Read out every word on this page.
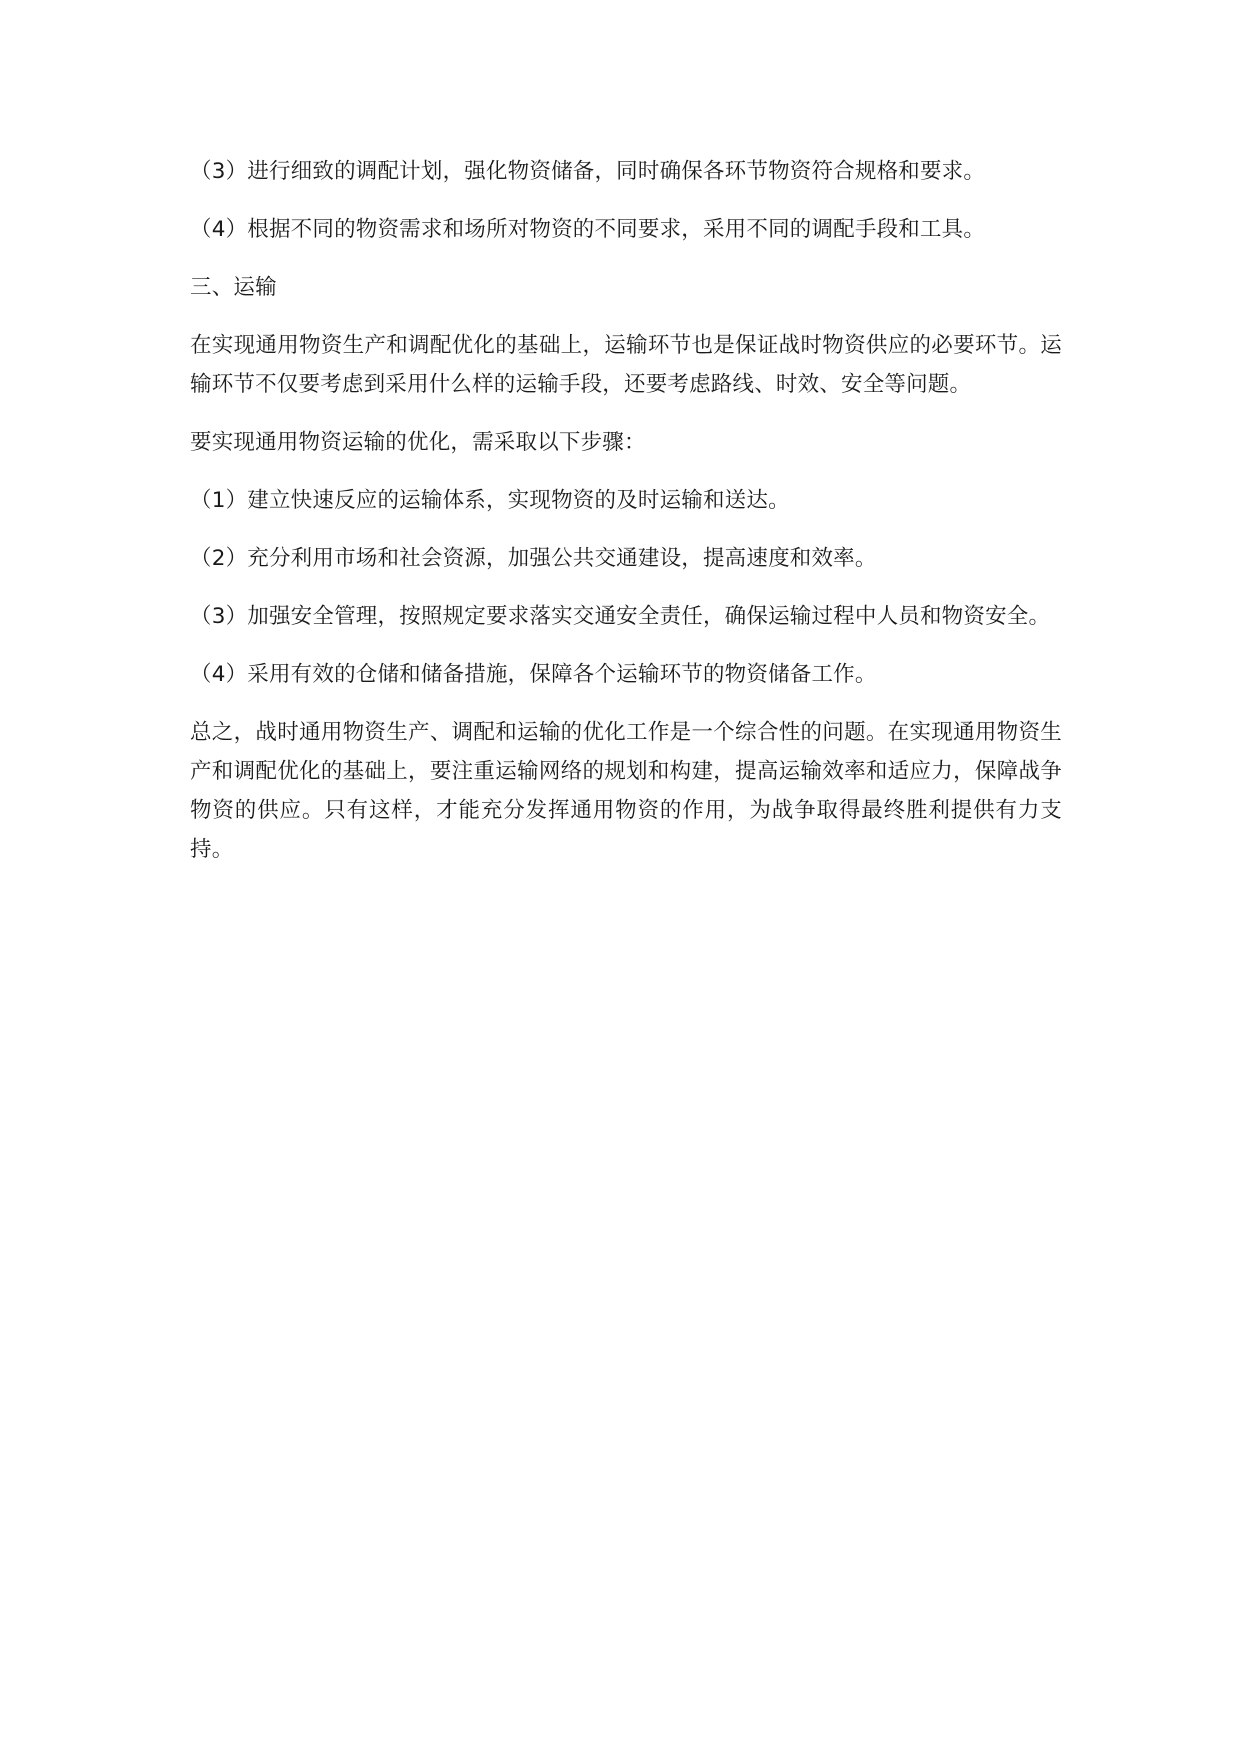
（3）进行细致的调配计划，强化物资储备，同时确保各环节物资符合规格和要求。

（4）根据不同的物资需求和场所对物资的不同要求，采用不同的调配手段和工具。

三、运输

在实现通用物资生产和调配优化的基础上，运输环节也是保证战时物资供应的必要环节。运输环节不仅要考虑到采用什么样的运输手段，还要考虑路线、时效、安全等问题。

要实现通用物资运输的优化，需采取以下步骤：

（1）建立快速反应的运输体系，实现物资的及时运输和送达。

（2）充分利用市场和社会资源，加强公共交通建设，提高速度和效率。

（3）加强安全管理，按照规定要求落实交通安全责任，确保运输过程中人员和物资安全。

（4）采用有效的仓储和储备措施，保障各个运输环节的物资储备工作。

总之，战时通用物资生产、调配和运输的优化工作是一个综合性的问题。在实现通用物资生产和调配优化的基础上，要注重运输网络的规划和构建，提高运输效率和适应力，保障战争物资的供应。只有这样，才能充分发挥通用物资的作用，为战争取得最终胜利提供有力支持。
